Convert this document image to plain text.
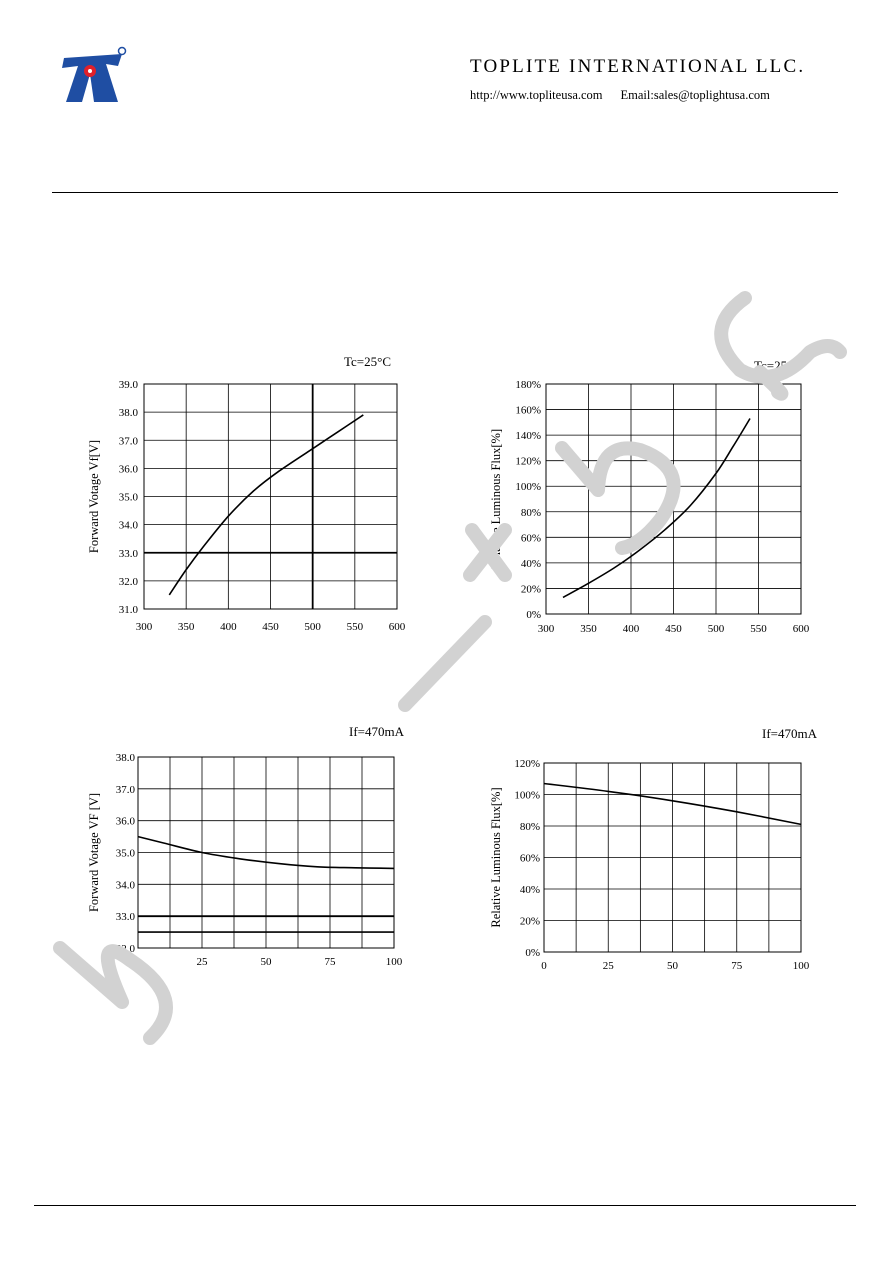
TOPLITE INTERNATIONAL LLC.
http://www.topliteusa.com Email:sales@toplightusa.com
31.0
32.0
33.0
34.0
35.0
36.0
37.0
38.0
39.0
300 350 400 450 500 550 600
Forward Votage Vf[V]
Tc=25°C
0%
20%
40%
60%
80%
100%
120%
140%
160%
180%
300 350 400 450 500 550 600
Relative Luminous Flux[%]
Tc=25°C
32.0
33.0
34.0
35.0
36.0
37.0
38.0
0	25	50	75	100
Forward Votage VF [V]
If=470mA
0%
20%
40%
60%
80%
100%
120%
0	25	50	75	100
Relative Luminous Flux[%]
If=470mA
